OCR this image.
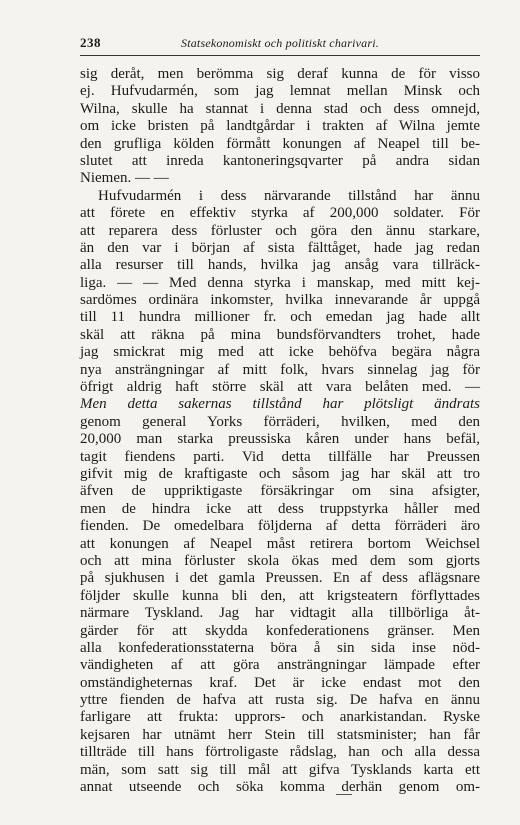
238	Statsekonomiskt och politiskt charivari.
sig deråt, men berömma sig deraf kunna de för visso
ej. Hufvudarmén, som jag lemnat mellan Minsk och
Wilna, skulle ha stannat i denna stad och dess omnejd,
om icke bristen på landtgårdar i trakten af Wilna jemte
den grufliga kölden förmått konungen af Neapel till be-
slutet att inreda kantoneringsqvarter på andra sidan
Niemen. — —
Hufvudarmén i dess närvarande tillstånd har ännu
att förete en effektiv styrka af 200,000 soldater. För
att reparera dess förluster och göra den ännu starkare,
än den var i början af sista fälttåget, hade jag redan
alla resurser till hands, hvilka jag ansåg vara tillräck-
liga. — — Med denna styrka i manskap, med mitt kej-
sardömes ordinära inkomster, hvilka innevarande år uppgå
till 11 hundra millioner fr. och emedan jag hade allt
skäl att räkna på mina bundsförvandters trohet, hade
jag smickrat mig med att icke behöfva begära några
nya ansträngningar af mitt folk, hvars sinnelag jag för
öfrigt aldrig haft större skäl att vara belåten med. —
Men detta sakernas tillstånd har plötsligt ändrats
genom general Yorks förräderi, hvilken, med den
20,000 man starka preussiska kåren under hans befäl,
tagit fiendens parti. Vid detta tillfälle har Preussen
gifvit mig de kraftigaste och såsom jag har skäl att tro
äfven de uppriktigaste försäkringar om sina afsigter,
men de hindra icke att dess truppstyrka håller med
fienden. De omedelbara följderna af detta förräderi äro
att konungen af Neapel måst retirera bortom Weichsel
och att mina förluster skola ökas med dem som gjorts
på sjukhusen i det gamla Preussen. En af dess aflägsnare
följder skulle kunna bli den, att krigsteatern förflyttades
närmare Tyskland. Jag har vidtagit alla tillbörliga åt-
gärder för att skydda konfederationens gränser. Men
alla konfederationsstaterna böra å sin sida inse nöd-
vändigheten af att göra ansträngningar lämpade efter
omständigheternas kraf. Det är icke endast mot den
yttre fienden de hafva att rusta sig. De hafva en ännu
farligare att frukta: upprors- och anarkistandan. Ryske
kejsaren har utnämt herr Stein till statsminister; han får
tillträde till hans förtroligaste rådslag, han och alla dessa
män, som satt sig till mål att gifva Tysklands karta ett
annat utseende och söka komma derhän genom om-
